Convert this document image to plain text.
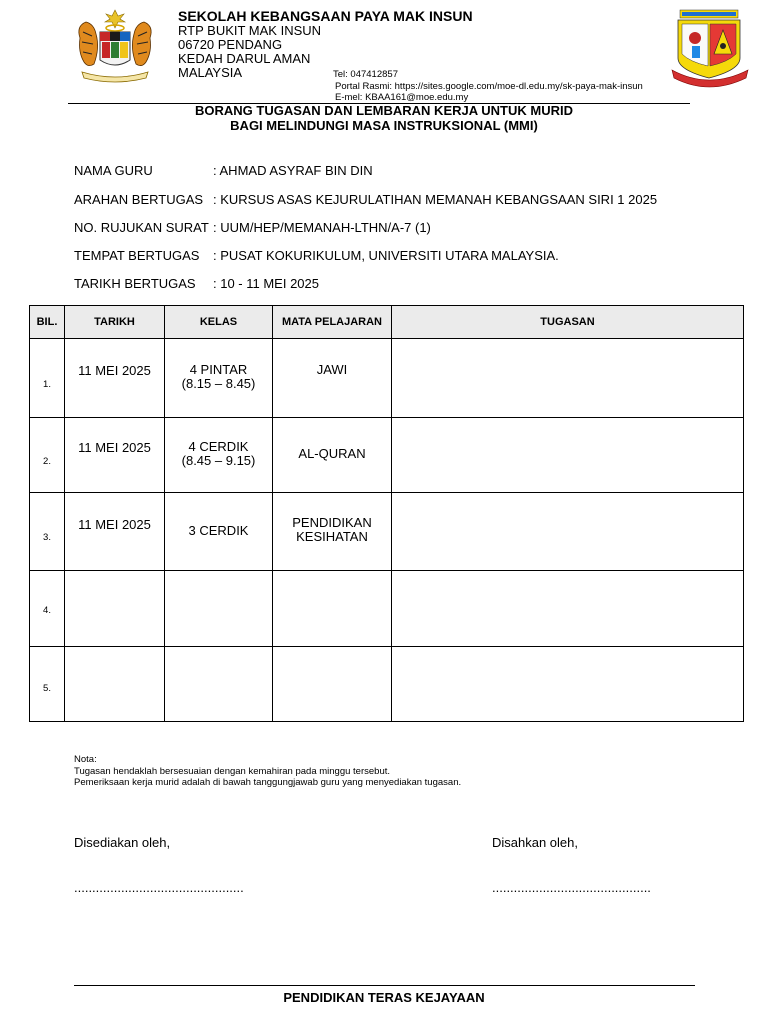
SEKOLAH KEBANGSAAN PAYA MAK INSUN
RTP BUKIT MAK INSUN
06720 PENDANG
KEDAH DARUL AMAN
MALAYSIA	Tel: 047412857
Portal Rasmi: https://sites.google.com/moe-dl.edu.my/sk-paya-mak-insun
E-mel: KBAA161@moe.edu.my
BORANG TUGASAN DAN LEMBARAN KERJA UNTUK MURID
BAGI MELINDUNGI MASA INSTRUKSIONAL (MMI)
NAMA GURU	: AHMAD ASYRAF BIN DIN
ARAHAN BERTUGAS : KURSUS ASAS KEJURULATIHAN MEMANAH KEBANGSAAN SIRI 1 2025
NO. RUJUKAN SURAT : UUM/HEP/MEMANAH-LTHN/A-7 (1)
TEMPAT BERTUGAS : PUSAT KOKURIKULUM, UNIVERSITI UTARA MALAYSIA.
TARIKH BERTUGAS : 10 - 11 MEI 2025
BIL.	TARIKH	KELAS	MATA PELAJARAN	TUGASAN

1.	11 MEI 2025	4 PINTAR
(8.15 – 8.45)	JAWI	

2.	11 MEI 2025	4 CERDIK
(8.45 – 9.15)	AL-QURAN	

3.	11 MEI 2025	3 CERDIK	PENDIDIKAN
KESIHATAN	

4.				

5.				

Nota:
Tugasan hendaklah bersesuaian dengan kemahiran pada minggu tersebut.
Pemeriksaan kerja murid adalah di bawah tanggungjawab guru yang menyediakan tugasan.
Disediakan oleh,	Disahkan oleh,
...............................................	............................................
PENDIDIKAN TERAS KEJAYAAN
